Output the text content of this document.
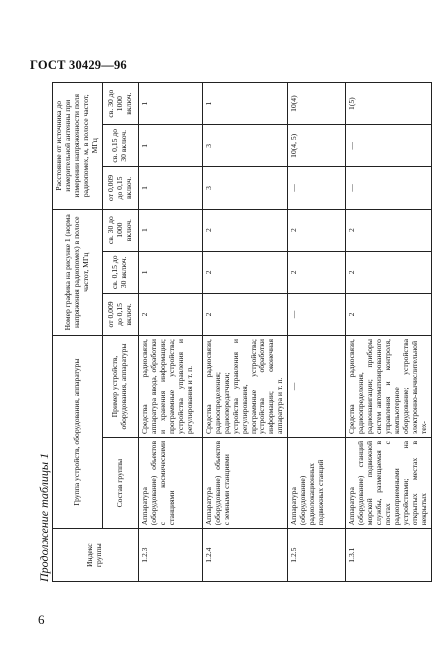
ГОСТ 30429—96
Продолжение таблицы 1	Индекс группы	Группа устройств, оборудования, аппаратуры		Номер графика на рисунке 1 (норма напряжения радиопомех) в полосе частот, МГц			Расстояние от источника до измерительной антенны при измерении напряженности поля радиопомех, м, в полосе частот, МГц		
	Состав группы	Пример устройств, оборудования, аппаратуры	от 0,009 до 0,15 включ.	св. 0,15 до 30 включ.	св. 30 до 1000 включ.	от 0,009 до 0,15 включ.	св. 0,15 до 30 включ.	св. 30 до 1000 включ.
1.2.3	Аппаратура (оборудование) объектов с космическими станциями	Средства радиосвязи, аппаратура ввода, обработки и хранения информации; программные устройства; устройства управления и регулирования и т. п.	2	1	1	1	1	1
1.2.4	Аппаратура (оборудование) объектов с земными станциями	Средства радиосвязи, радиоопределения; радиопередатчики; устройства управления и регулирования, программные устройства; устройства обработки информации; оконечная аппаратура и т. п.	2	2	2	3	3	1
1.2.5	Аппаратура (оборудование) радиолокационных подвижных станций	—	—	2	2	—	10(4, 5)	10(4)
1.3.1	Аппаратура (оборудование) станций морской подвижной службы, размещаемая в постах с радиоприемными устройствами; на открытых местах в некрытых	Средства радиосвязи, радиоопределения, радионавигации; приборы систем автоматизированного управления и контроля, компьютерное оборудование; устройства электронно-вычислительной тех-	2	2	2	—	—	1(5)
6
